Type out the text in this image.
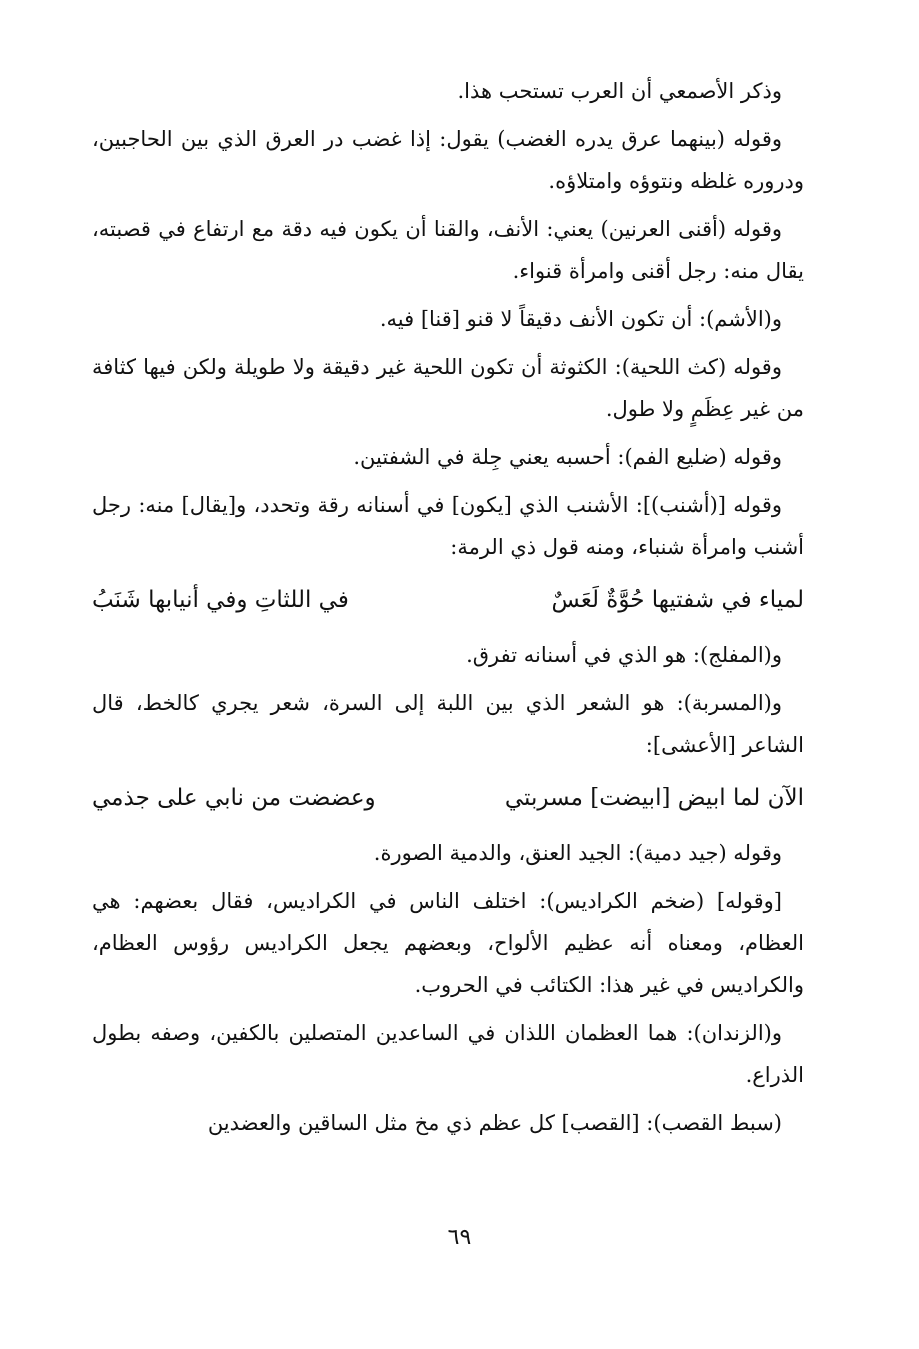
وذكر الأصمعي أن العرب تستحب هذا.

وقوله (بينهما عرق يدره الغضب) يقول: إذا غضب در العرق الذي بين الحاجبين، ودروره غلظه ونتوؤه وامتلاؤه.

وقوله (أقنى العرنين) يعني: الأنف، والقنا أن يكون فيه دقة مع ارتفاع في قصبته، يقال منه: رجل أقنى وامرأة قنواء.

و(الأشم): أن تكون الأنف دقيقاً لا قنو [قنا] فيه.

وقوله (كث اللحية): الكثوثة أن تكون اللحية غير دقيقة ولا طويلة ولكن فيها كثافة من غير عِظَمٍ ولا طول.

وقوله (ضليع الفم): أحسبه يعني جِلة في الشفتين.

وقوله [(أشنب)]: الأشنب الذي [يكون] في أسنانه رقة وتحدد، و[يقال] منه: رجل أشنب وامرأة شنباء، ومنه قول ذي الرمة:

لمياء في شفتيها حُوَّةٌ لَعَسٌ
في اللثاتِ وفي أنيابها شَنَبُ

و(المفلج): هو الذي في أسنانه تفرق.

و(المسربة): هو الشعر الذي بين اللبة إلى السرة، شعر يجري كالخط، قال الشاعر [الأعشى]:

الآن لما ابيض [ابيضت] مسربتي
وعضضت من نابي على جذمي

وقوله (جيد دمية): الجيد العنق، والدمية الصورة.

[وقوله] (ضخم الكراديس): اختلف الناس في الكراديس، فقال بعضهم: هي العظام، ومعناه أنه عظيم الألواح، وبعضهم يجعل الكراديس رؤوس العظام، والكراديس في غير هذا: الكتائب في الحروب.

و(الزندان): هما العظمان اللذان في الساعدين المتصلين بالكفين، وصفه بطول الذراع.

(سبط القصب): [القصب] كل عظم ذي مخ مثل الساقين والعضدين

٦٩
